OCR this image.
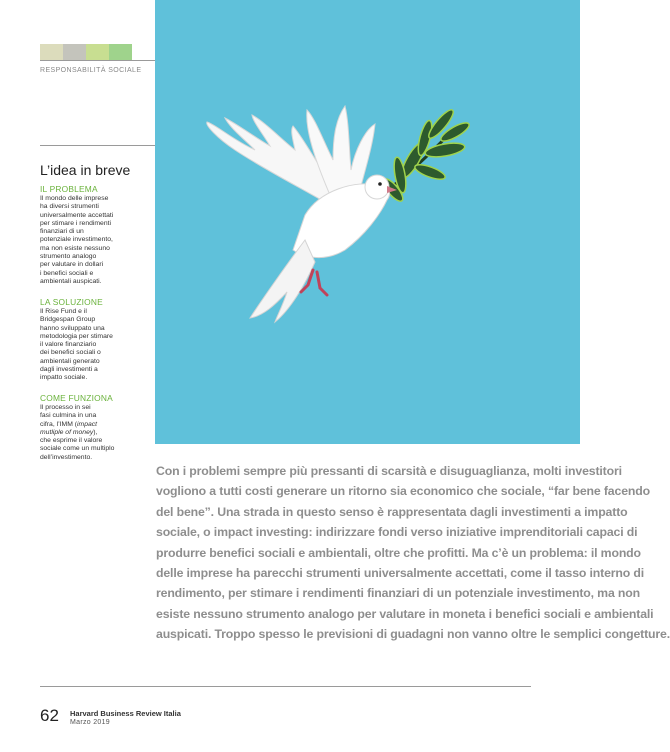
RESPONSABILITÀ SOCIALE
L’idea in breve
IL PROBLEMA
Il mondo delle imprese
ha diversi strumenti
universalmente accettati
per stimare i rendimenti
finanziari di un
potenziale investimento,
ma non esiste nessuno
strumento analogo
per valutare in dollari
i benefici sociali e
ambientali auspicati.
LA SOLUZIONE
Il Rise Fund e il
Bridgespan Group
hanno sviluppato una
metodologia per stimare
il valore finanziario
dei benefici sociali o
ambientali generato
dagli investimenti a
impatto sociale.
COME FUNZIONA
Il processo in sei
fasi culmina in una
cifra, l’IMM (impact
mutliple of money),
che esprime il valore
sociale come un multiplo
dell’investimento.
Con i problemi sempre più pressanti di scarsità e disuguaglianza, molti investitori
vogliono a tutti costi generare un ritorno sia economico che sociale, “far bene facendo
del bene”. Una strada in questo senso è rappresentata dagli investimenti a impatto
sociale, o impact investing: indirizzare fondi verso iniziative imprenditoriali capaci di
produrre benefici sociali e ambientali, oltre che profitti. Ma c’è un problema: il mondo
delle imprese ha parecchi strumenti universalmente accettati, come il tasso interno di
rendimento, per stimare i rendimenti finanziari di un potenziale investimento, ma non
esiste nessuno strumento analogo per valutare in moneta i benefici sociali e ambientali
auspicati. Troppo spesso le previsioni di guadagni non vanno oltre le semplici congetture.
62 Harvard Business Review Italia
Marzo 2019
